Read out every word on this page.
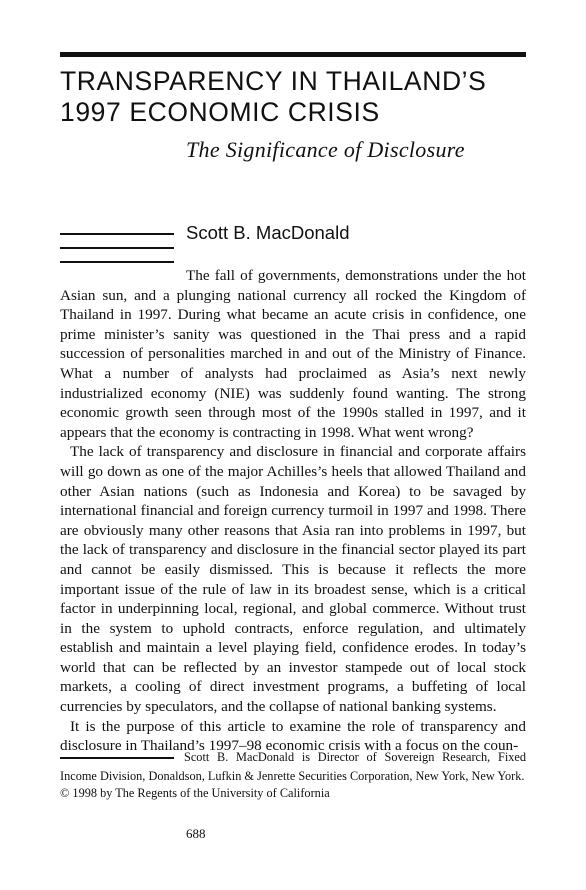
TRANSPARENCY IN THAILAND’S 1997 ECONOMIC CRISIS
The Significance of Disclosure
Scott B. MacDonald

The fall of governments, demonstrations under the hot Asian sun, and a plunging national currency all rocked the Kingdom of Thailand in 1997. During what became an acute crisis in confidence, one prime minister’s sanity was questioned in the Thai press and a rapid succession of personalities marched in and out of the Ministry of Finance. What a number of analysts had proclaimed as Asia’s next newly industrialized economy (NIE) was suddenly found wanting. The strong economic growth seen through most of the 1990s stalled in 1997, and it appears that the economy is contracting in 1998. What went wrong?

The lack of transparency and disclosure in financial and corporate affairs will go down as one of the major Achilles’s heels that allowed Thailand and other Asian nations (such as Indonesia and Korea) to be savaged by international financial and foreign currency turmoil in 1997 and 1998. There are obviously many other reasons that Asia ran into problems in 1997, but the lack of transparency and disclosure in the financial sector played its part and cannot be easily dismissed. This is because it reflects the more important issue of the rule of law in its broadest sense, which is a critical factor in underpinning local, regional, and global commerce. Without trust in the system to uphold contracts, enforce regulation, and ultimately establish and maintain a level playing field, confidence erodes. In today’s world that can be reflected by an investor stampede out of local stock markets, a cooling of direct investment programs, a buffeting of local currencies by speculators, and the collapse of national banking systems.

It is the purpose of this article to examine the role of transparency and disclosure in Thailand’s 1997–98 economic crisis with a focus on the coun-

Scott B. MacDonald is Director of Sovereign Research, Fixed Income Division, Donaldson, Lufkin & Jenrette Securities Corporation, New York, New York.
© 1998 by The Regents of the University of California
688
